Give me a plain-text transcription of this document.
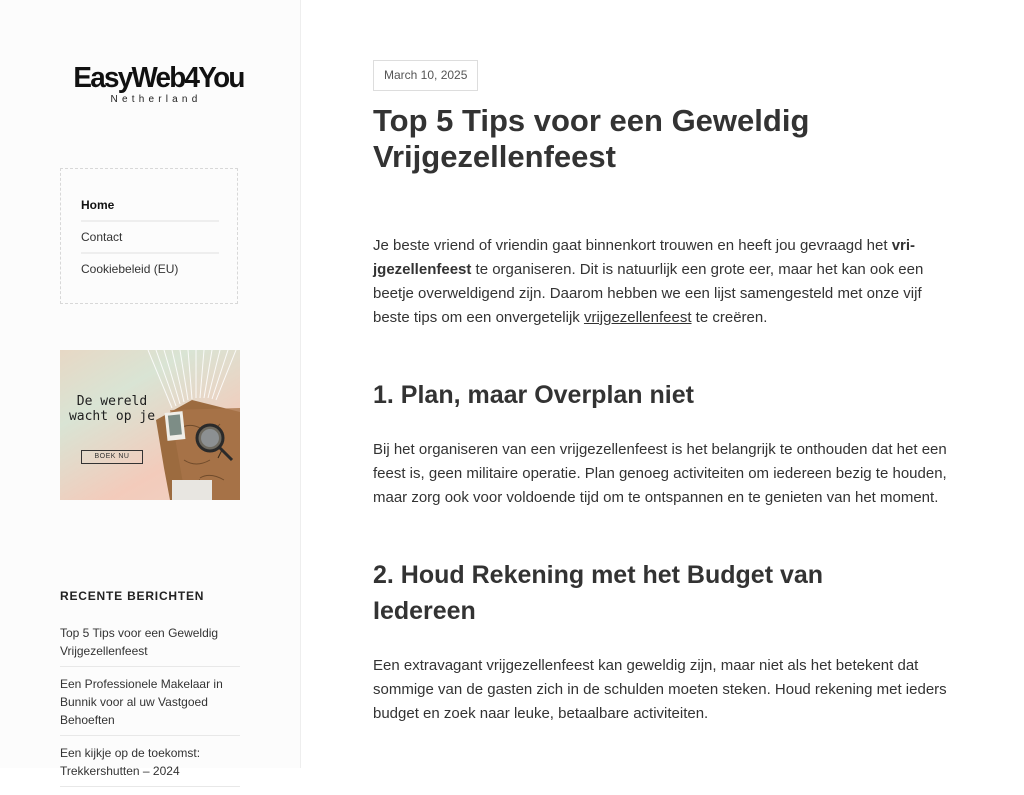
EasyWeb4You
Netherland
Home
Contact
Cookiebeleid (EU)
De wereld
wacht op je
BOEK NU
RECENTE BERICHTEN
Top 5 Tips voor een Geweldig Vrijgezellenfeest
Een Professionele Makelaar in Bunnik voor al uw Vastgoed Behoeften
Een kijkje op de toekomst: Trekkershutten – 2024
March 10, 2025
Top 5 Tips voor een Geweldig Vrijgezellenfeest

Je beste vriend of vriendin gaat binnenkort trouwen en heeft jou gevraagd het vri-jgezellenfeest te organiseren. Dit is natuurlijk een grote eer, maar het kan ook een beetje overweldigend zijn. Daarom hebben we een lijst samengesteld met onze vijf beste tips om een onvergetelijk vrijgezellenfeest te creëren.

1. Plan, maar Overplan niet

Bij het organiseren van een vrijgezellenfeest is het belangrijk te onthouden dat het een feest is, geen militaire operatie. Plan genoeg activiteiten om iedereen bezig te houden, maar zorg ook voor voldoende tijd om te ontspannen en te genieten van het moment.

2. Houd Rekening met het Budget van Iedereen

Een extravagant vrijgezellenfeest kan geweldig zijn, maar niet als het betekent dat sommige van de gasten zich in de schulden moeten steken. Houd rekening met ieders budget en zoek naar leuke, betaalbare activiteiten.
